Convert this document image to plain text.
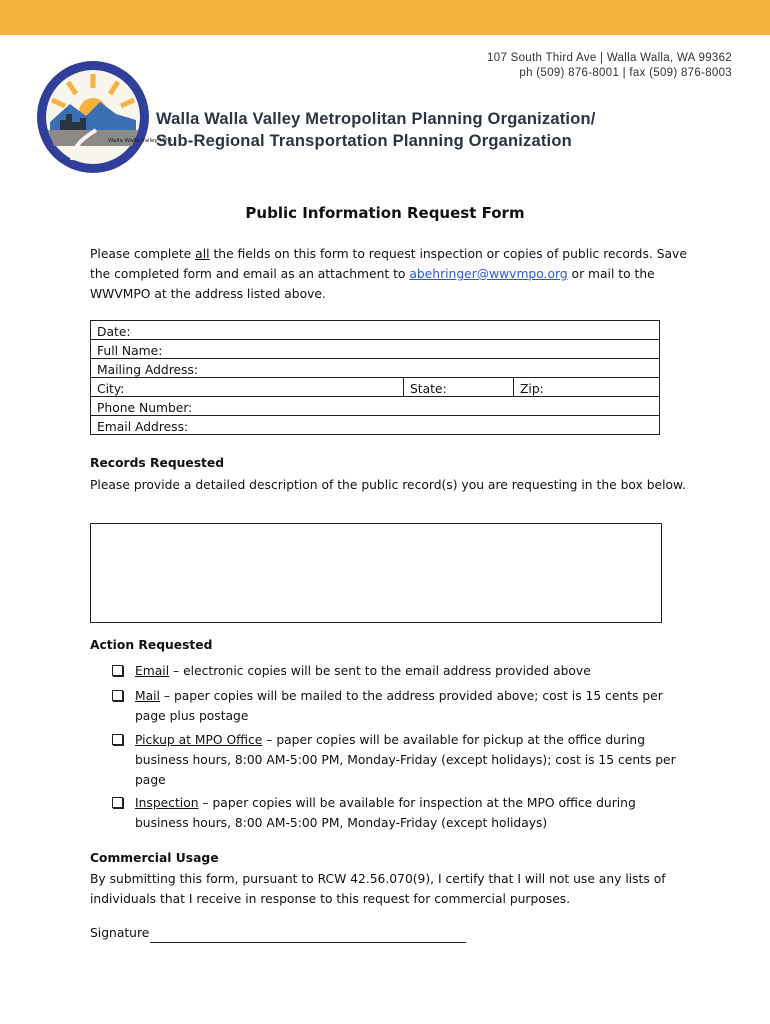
107 South Third Ave | Walla Walla, WA 99362
ph (509) 876-8001 | fax (509) 876-8003
Walla Walla Valley MPO
Walla Walla Valley Metropolitan Planning Organization/
Sub-Regional Transportation Planning Organization
Public Information Request Form
Please complete all the fields on this form to request inspection or copies of public records. Save the completed form and email as an attachment to abehringer@wwvmpo.org or mail to the WWVMPO at the address listed above.
Date:
Full Name:
Mailing Address:
City:	State:	Zip:
Phone Number:
Email Address:
Records Requested
Please provide a detailed description of the public record(s) you are requesting in the box below.
Action Requested
Email – electronic copies will be sent to the email address provided above
Mail – paper copies will be mailed to the address provided above; cost is 15 cents per page plus postage
Pickup at MPO Office – paper copies will be available for pickup at the office during business hours, 8:00 AM-5:00 PM, Monday-Friday (except holidays); cost is 15 cents per page
Inspection – paper copies will be available for inspection at the MPO office during business hours, 8:00 AM-5:00 PM, Monday-Friday (except holidays)
Commercial Usage
By submitting this form, pursuant to RCW 42.56.070(9), I certify that I will not use any lists of individuals that I receive in response to this request for commercial purposes.
Signature
